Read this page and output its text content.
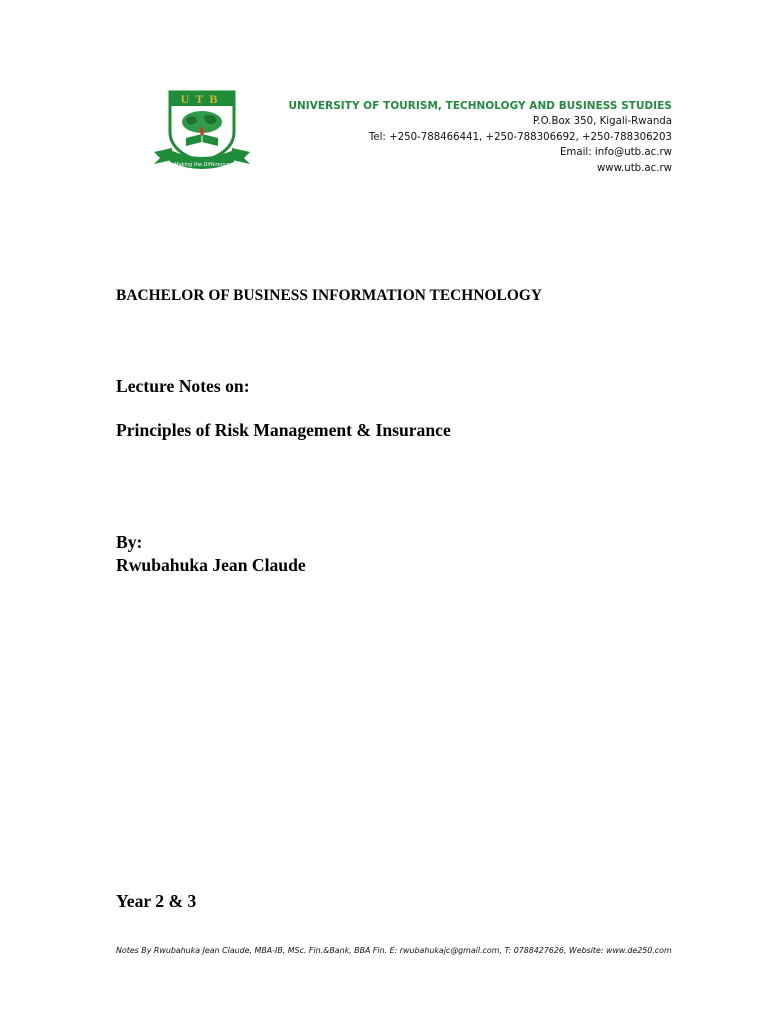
UTB
Making the Difference
UNIVERSITY OF TOURISM, TECHNOLOGY AND BUSINESS STUDIES
P.O.Box 350, Kigali-Rwanda
Tel: +250-788466441, +250-788306692, +250-788306203
Email: info@utb.ac.rw
www.utb.ac.rw
BACHELOR OF BUSINESS INFORMATION TECHNOLOGY
Lecture Notes on:
Principles of Risk Management & Insurance
By:
Rwubahuka Jean Claude
Year 2 & 3
Notes By Rwubahuka Jean Claude, MBA-IB, MSc. Fin.&Bank, BBA Fin. E: rwubahukajc@gmail.com, T: 0788427626, Website: www.de250.com
